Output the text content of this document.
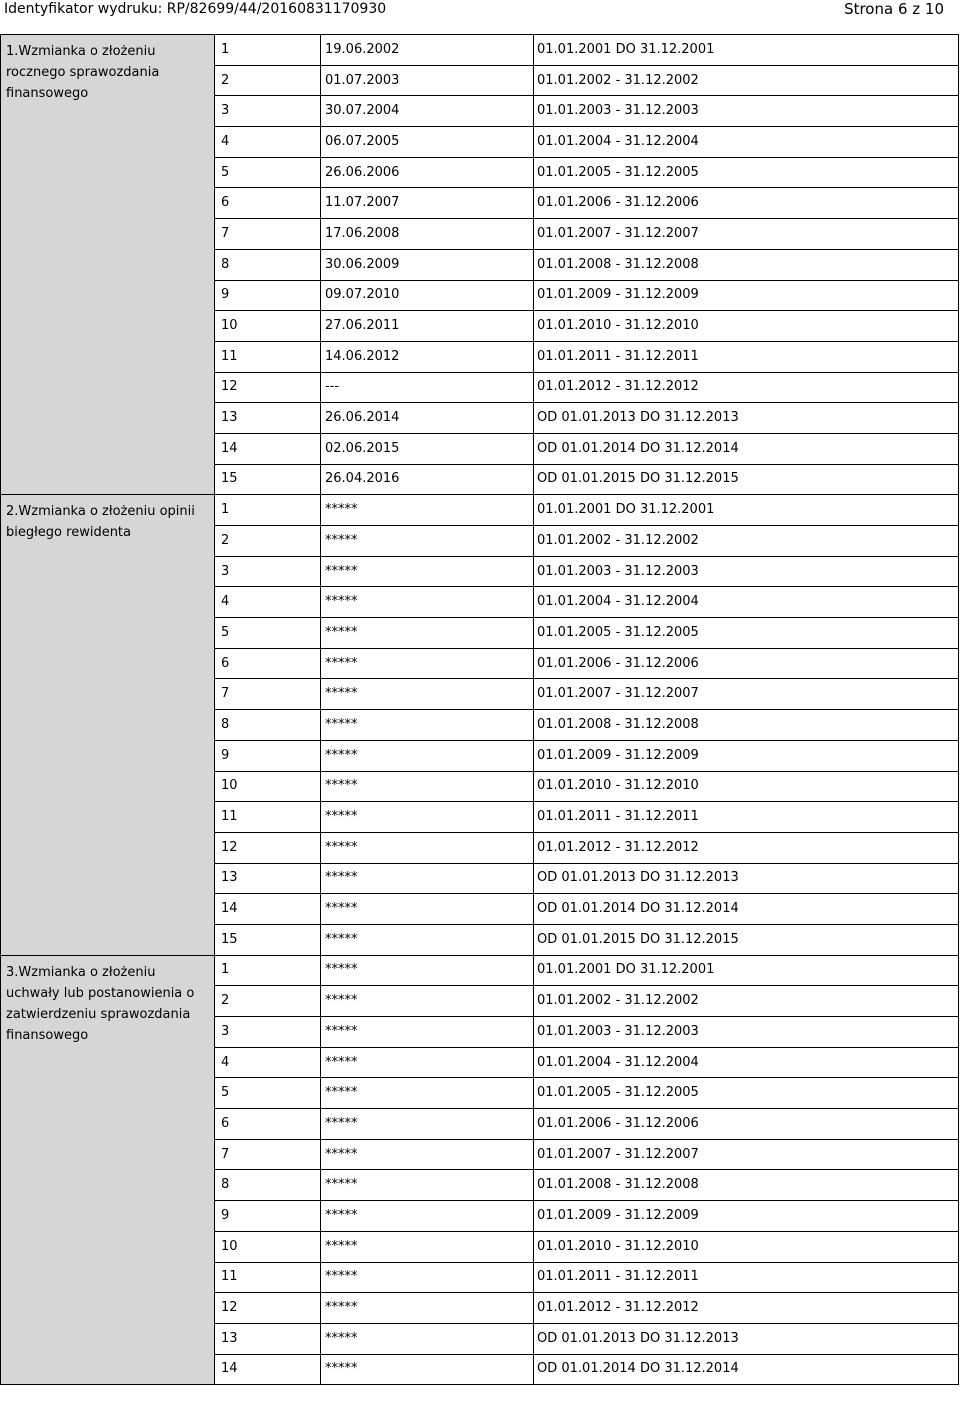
Identyfikator wydruku: RP/82699/44/20160831170930	Strona 6 z 10
1.Wzmianka o złożeniu rocznego sprawozdania finansowego	1	19.06.2002	01.01.2001 DO 31.12.2001
	2	01.07.2003	01.01.2002 - 31.12.2002
	3	30.07.2004	01.01.2003 - 31.12.2003
	4	06.07.2005	01.01.2004 - 31.12.2004
	5	26.06.2006	01.01.2005 - 31.12.2005
	6	11.07.2007	01.01.2006 - 31.12.2006
	7	17.06.2008	01.01.2007 - 31.12.2007
	8	30.06.2009	01.01.2008 - 31.12.2008
	9	09.07.2010	01.01.2009 - 31.12.2009
	10	27.06.2011	01.01.2010 - 31.12.2010
	11	14.06.2012	01.01.2011 - 31.12.2011
	12	---	01.01.2012 - 31.12.2012
	13	26.06.2014	OD 01.01.2013 DO 31.12.2013
	14	02.06.2015	OD 01.01.2014 DO 31.12.2014
	15	26.04.2016	OD 01.01.2015 DO 31.12.2015
2.Wzmianka o złożeniu opinii biegłego rewidenta	1	*****	01.01.2001 DO 31.12.2001
	2	*****	01.01.2002 - 31.12.2002
	3	*****	01.01.2003 - 31.12.2003
	4	*****	01.01.2004 - 31.12.2004
	5	*****	01.01.2005 - 31.12.2005
	6	*****	01.01.2006 - 31.12.2006
	7	*****	01.01.2007 - 31.12.2007
	8	*****	01.01.2008 - 31.12.2008
	9	*****	01.01.2009 - 31.12.2009
	10	*****	01.01.2010 - 31.12.2010
	11	*****	01.01.2011 - 31.12.2011
	12	*****	01.01.2012 - 31.12.2012
	13	*****	OD 01.01.2013 DO 31.12.2013
	14	*****	OD 01.01.2014 DO 31.12.2014
	15	*****	OD 01.01.2015 DO 31.12.2015
3.Wzmianka o złożeniu uchwały lub postanowienia o zatwierdzeniu sprawozdania finansowego	1	*****	01.01.2001 DO 31.12.2001
	2	*****	01.01.2002 - 31.12.2002
	3	*****	01.01.2003 - 31.12.2003
	4	*****	01.01.2004 - 31.12.2004
	5	*****	01.01.2005 - 31.12.2005
	6	*****	01.01.2006 - 31.12.2006
	7	*****	01.01.2007 - 31.12.2007
	8	*****	01.01.2008 - 31.12.2008
	9	*****	01.01.2009 - 31.12.2009
	10	*****	01.01.2010 - 31.12.2010
	11	*****	01.01.2011 - 31.12.2011
	12	*****	01.01.2012 - 31.12.2012
	13	*****	OD 01.01.2013 DO 31.12.2013
	14	*****	OD 01.01.2014 DO 31.12.2014
